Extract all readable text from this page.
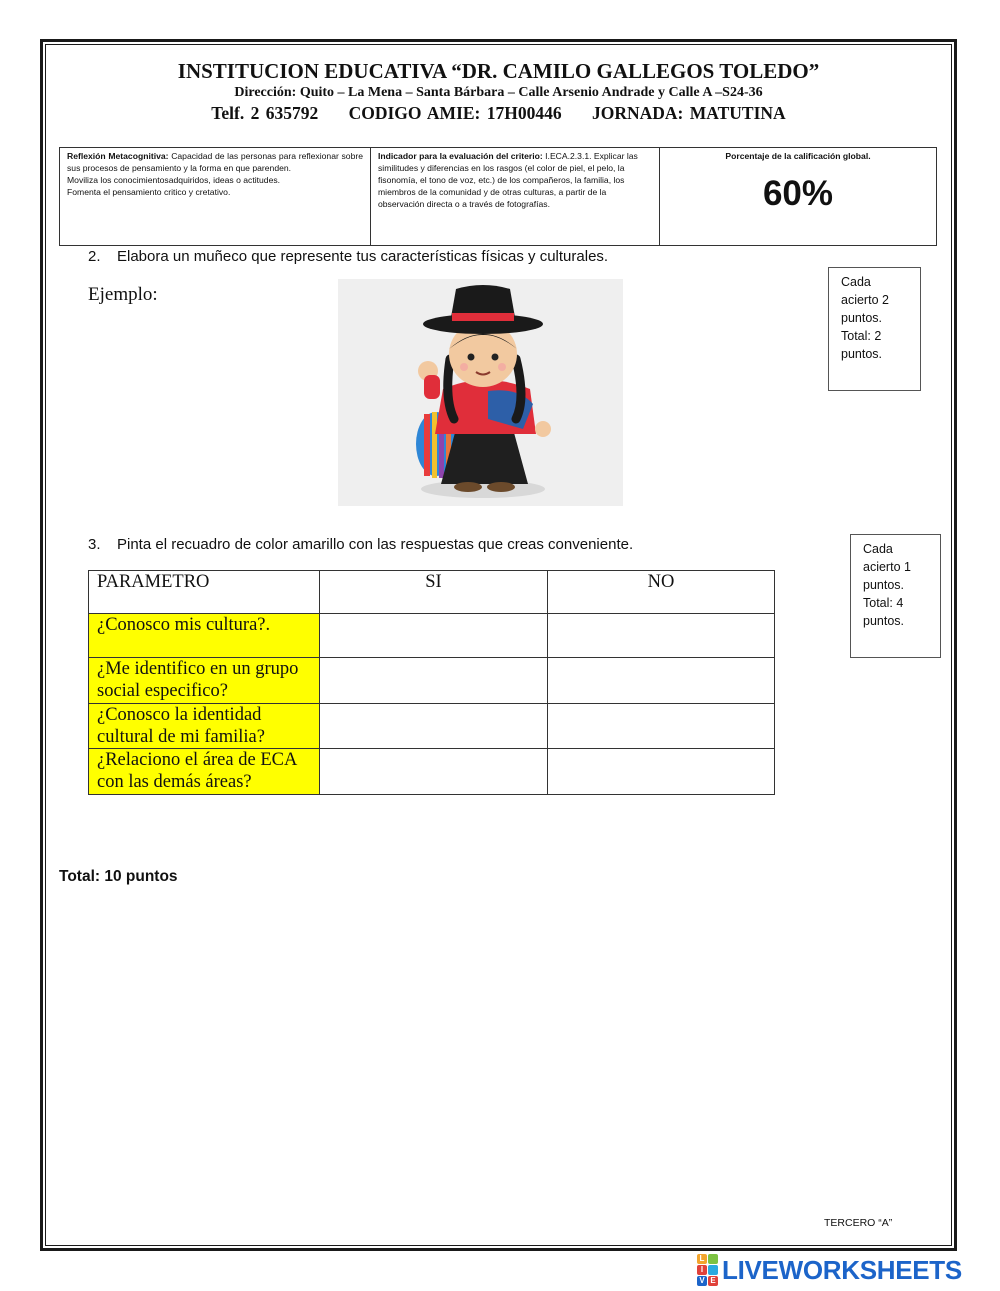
INSTITUCION EDUCATIVA “DR. CAMILO GALLEGOS TOLEDO”
Dirección: Quito – La Mena – Santa Bárbara – Calle Arsenio Andrade y Calle A –S24-36
Telf. 2 635792 CODIGO AMIE: 17H00446 JORNADA: MATUTINA
Reflexión Metacognitiva: Capacidad de las personas para reflexionar sobre sus procesos de pensamiento y la forma en que parenden.
Moviliza los conocimientosadquiridos, ideas o actitudes.
Fomenta el pensamiento critico y cretativo.	Indicador para la evaluación del criterio: I.ECA.2.3.1. Explicar las similitudes y diferencias en los rasgos (el color de piel, el pelo, la fisonomía, el tono de voz, etc.) de los compañeros, la familia, los miembros de la comunidad y de otras culturas, a partir de la observación directa o a través de fotografías.	Porcentaje de la calificación global.
60%
2. Elabora un muñeco que represente tus características físicas y culturales.
Ejemplo:
Cada
acierto 2
puntos.
Total: 2
puntos.
3. Pinta el recuadro de color amarillo con las respuestas que creas conveniente.	Cada
acierto 1
puntos.
Total: 4
puntos.
PARAMETRO	SI	NO
¿Conosco mis cultura?.		
¿Me identifico en un grupo
social especifico?		
¿Conosco la identidad
cultural de mi familia?		
¿Relaciono el área de ECA
con las demás áreas?		
Total: 10 puntos
TERCERO “A”
L
I
V E LIVEWORKSHEETS
